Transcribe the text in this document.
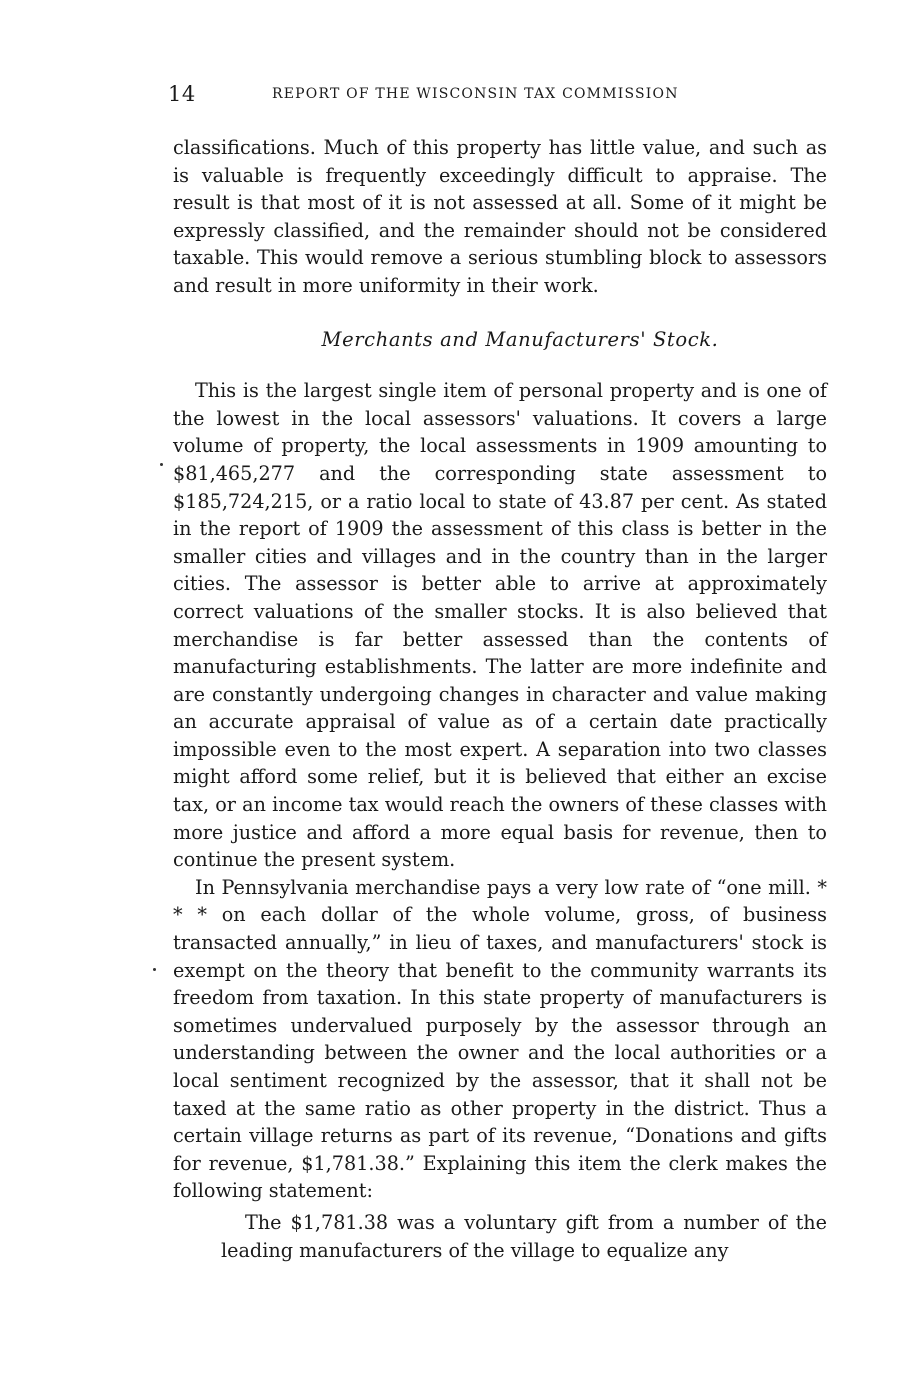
14	REPORT OF THE WISCONSIN TAX COMMISSION

classifications. Much of this property has little value, and such as is valuable is frequently exceedingly difficult to appraise. The result is that most of it is not assessed at all. Some of it might be expressly classified, and the remainder should not be considered taxable. This would remove a serious stumbling block to assessors and result in more uniformity in their work.

Merchants and Manufacturers' Stock.

This is the largest single item of personal property and is one of the lowest in the local assessors' valuations. It covers a large volume of property, the local assessments in 1909 amounting to $81,465,277 and the corresponding state assessment to $185,724,215, or a ratio local to state of 43.87 per cent. As stated in the report of 1909 the assessment of this class is better in the smaller cities and villages and in the country than in the larger cities. The assessor is better able to arrive at approximately correct valuations of the smaller stocks. It is also believed that merchandise is far better assessed than the contents of manufacturing establishments. The latter are more indefinite and are constantly undergoing changes in character and value making an accurate appraisal of value as of a certain date practically impossible even to the most expert. A separation into two classes might afford some relief, but it is believed that either an excise tax, or an income tax would reach the owners of these classes with more justice and afford a more equal basis for revenue, then to continue the present system.

In Pennsylvania merchandise pays a very low rate of “one mill. * * * on each dollar of the whole volume, gross, of business transacted annually,” in lieu of taxes, and manufacturers' stock is exempt on the theory that benefit to the community warrants its freedom from taxation. In this state property of manufacturers is sometimes undervalued purposely by the assessor through an understanding between the owner and the local authorities or a local sentiment recognized by the assessor, that it shall not be taxed at the same ratio as other property in the district. Thus a certain village returns as part of its revenue, “Donations and gifts for revenue, $1,781.38.” Explaining this item the clerk makes the following statement:

The $1,781.38 was a voluntary gift from a number of the leading manufacturers of the village to equalize any
